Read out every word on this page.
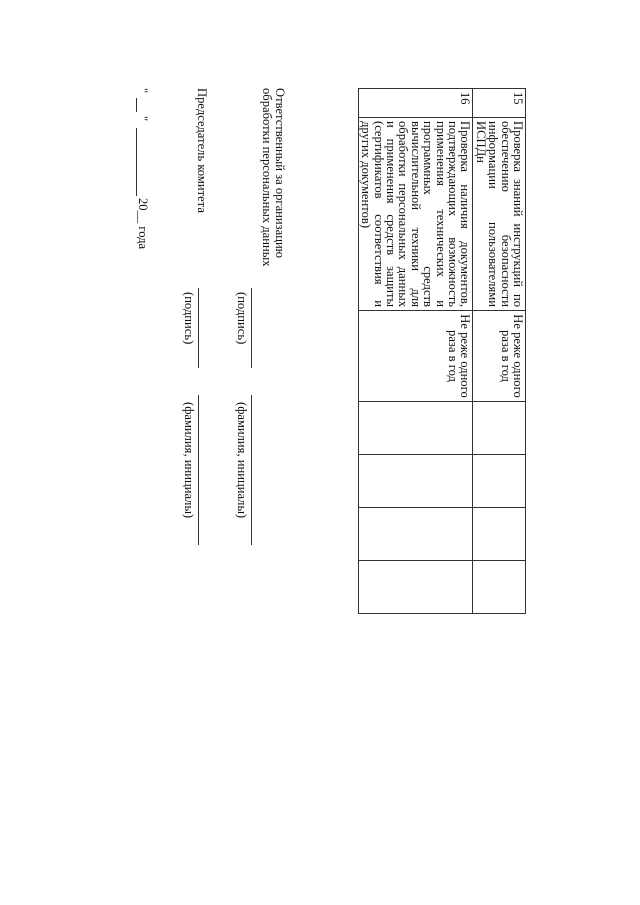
15	Проверка знаний инструкций по обеспечению безопасности информации пользователями ИСПДн	Не реже одного раза в год				
16	Проверка наличия документов, подтверждающих возможность применения технических и программных средств вычислительной техники для обработки персональных данных и применения средств защиты (сертификатов соответствия и других документов)	Не реже одного раза в год				
Ответственный за организацию обработки персональных данных
(подпись)
(фамилия, инициалы)
Председатель комитета
(подпись)
(фамилия, инициалы)
"
"
20__ года
